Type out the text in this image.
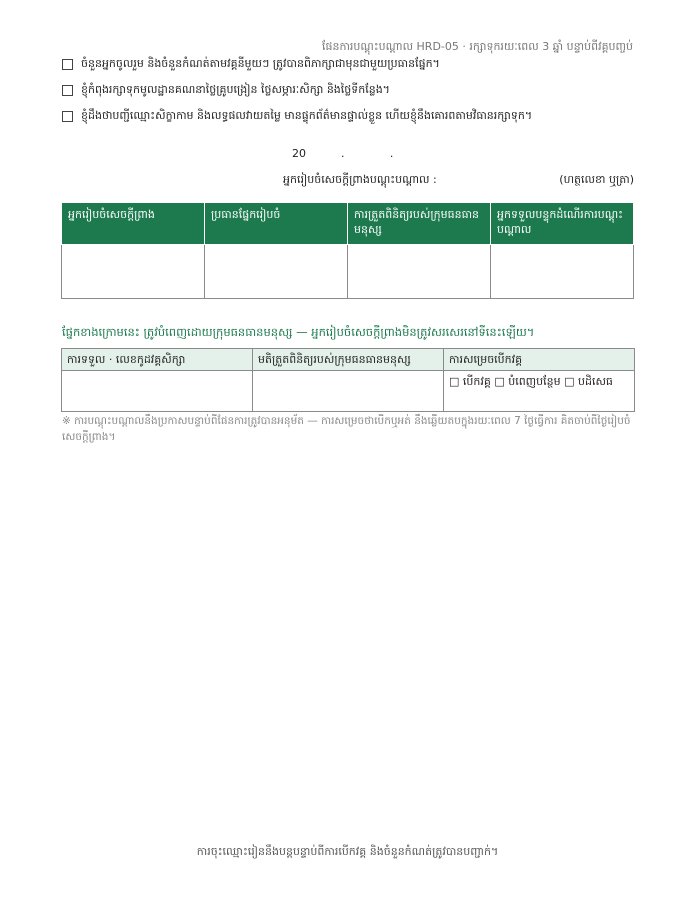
ផែនការបណ្តុះបណ្តាល HRD-05 · រក្សាទុករយៈពេល 3 ឆ្នាំ បន្ទាប់ពីវគ្គបញ្ចប់
ចំនួនអ្នកចូលរួម និងចំនួនកំណត់តាមវគ្គនីមួយៗ ត្រូវបានពិភាក្សាជាមុនជាមួយប្រធានផ្នែក។
ខ្ញុំកំពុងរក្សាទុកមូលដ្ឋានគណនាថ្លៃគ្រូបង្រៀន ថ្លៃសម្ភារៈសិក្សា និងថ្លៃទីកន្លែង។
ខ្ញុំដឹងថាបញ្ជីឈ្មោះសិក្ខាកាម និងលទ្ធផលវាយតម្លៃ មានផ្ទុកព័ត៌មានផ្ទាល់ខ្លួន ហើយខ្ញុំនឹងគោរពតាមវិធានរក្សាទុក។
20          .             .
អ្នករៀបចំសេចក្តីព្រាងបណ្តុះបណ្តាល :	(ហត្ថលេខា ឬត្រា)
អ្នករៀបចំសេចក្តីព្រាង	ប្រធានផ្នែករៀបចំ	ការត្រួតពិនិត្យរបស់ក្រុមធនធានមនុស្ស	អ្នកទទួលបន្ទុកដំណើរការបណ្តុះបណ្តាល

ផ្នែកខាងក្រោមនេះ ត្រូវបំពេញដោយក្រុមធនធានមនុស្ស — អ្នករៀបចំសេចក្តីព្រាងមិនត្រូវសរសេរនៅទីនេះឡើយ។
ការទទួល · លេខកូដវគ្គសិក្សា	មតិត្រួតពិនិត្យរបស់ក្រុមធនធានមនុស្ស	ការសម្រេចបើកវគ្គ
		□ បើកវគ្គ □ បំពេញបន្ថែម □ បដិសេធ
※ ការបណ្តុះបណ្តាលនឹងប្រកាសបន្ទាប់ពីផែនការត្រូវបានអនុម័ត — ការសម្រេចថាបើកឬអត់ នឹងឆ្លើយតបក្នុងរយៈពេល 7 ថ្ងៃធ្វើការ គិតចាប់ពីថ្ងៃរៀបចំសេចក្តីព្រាង។
ការចុះឈ្មោះរៀននឹងបន្តបន្ទាប់ពីការបើកវគ្គ និងចំនួនកំណត់ត្រូវបានបញ្ជាក់។
